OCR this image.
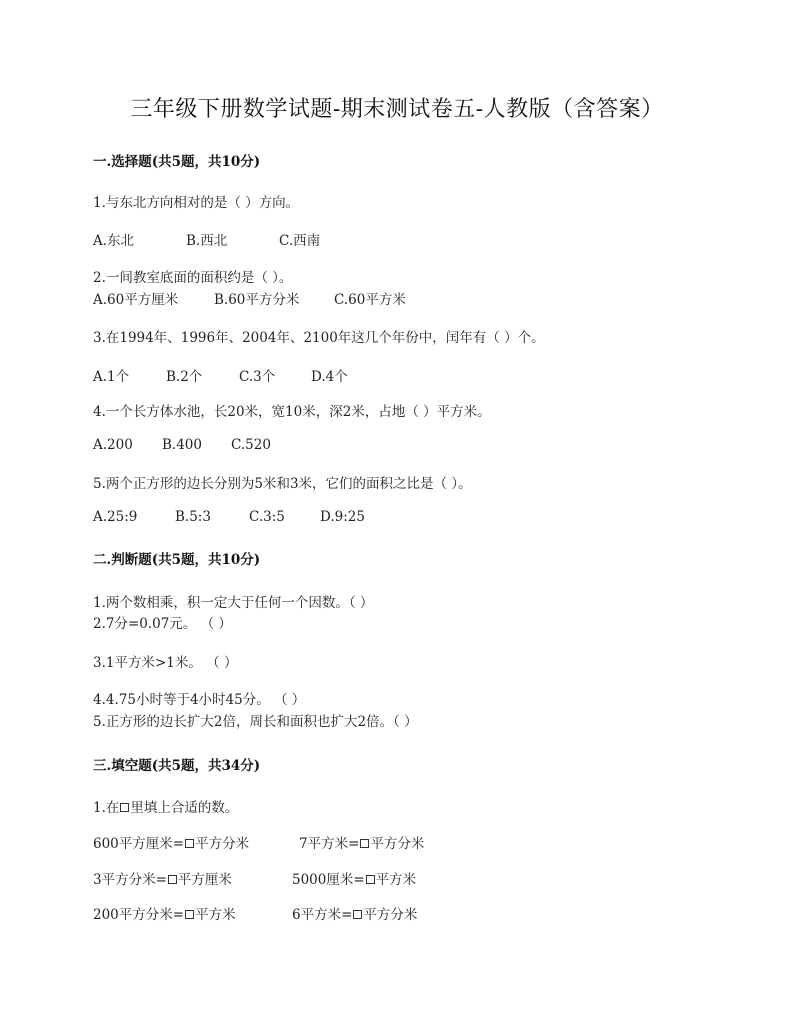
三年级下册数学试题-期末测试卷五-人教版（含答案）
一.选择题(共5题，共10分)
1.与东北方向相对的是（ ）方向。
A.东北	B.西北	C.西南
2.一间教室底面的面积约是（ ）。
A.60平方厘米	B.60平方分米	C.60平方米
3.在1994年、1996年、2004年、2100年这几个年份中，闰年有（ ）个。
A.1个	B.2个	C.3个	D.4个
4.一个长方体水池，长20米，宽10米，深2米，占地（ ）平方米。
A.200 B.400 C.520
5.两个正方形的边长分别为5米和3米，它们的面积之比是（ ）。
A.25:9	B.5:3	C.3:5	D.9:25
二.判断题(共5题，共10分)
1.两个数相乘，积一定大于任何一个因数。（ ）
2.7分=0.07元。 （ ）
3.1平方米>1米。 （ ）
4.4.75小时等于4小时45分。 （ ）
5.正方形的边长扩大2倍，周长和面积也扩大2倍。（ ）
三.填空题(共5题，共34分)
1.在 里填上合适的数。
600平方厘米= 平方分米	7平方米= 平方分米
3平方分米= 平方厘米	5000厘米= 平方米
200平方分米= 平方米	6平方米= 平方分米
